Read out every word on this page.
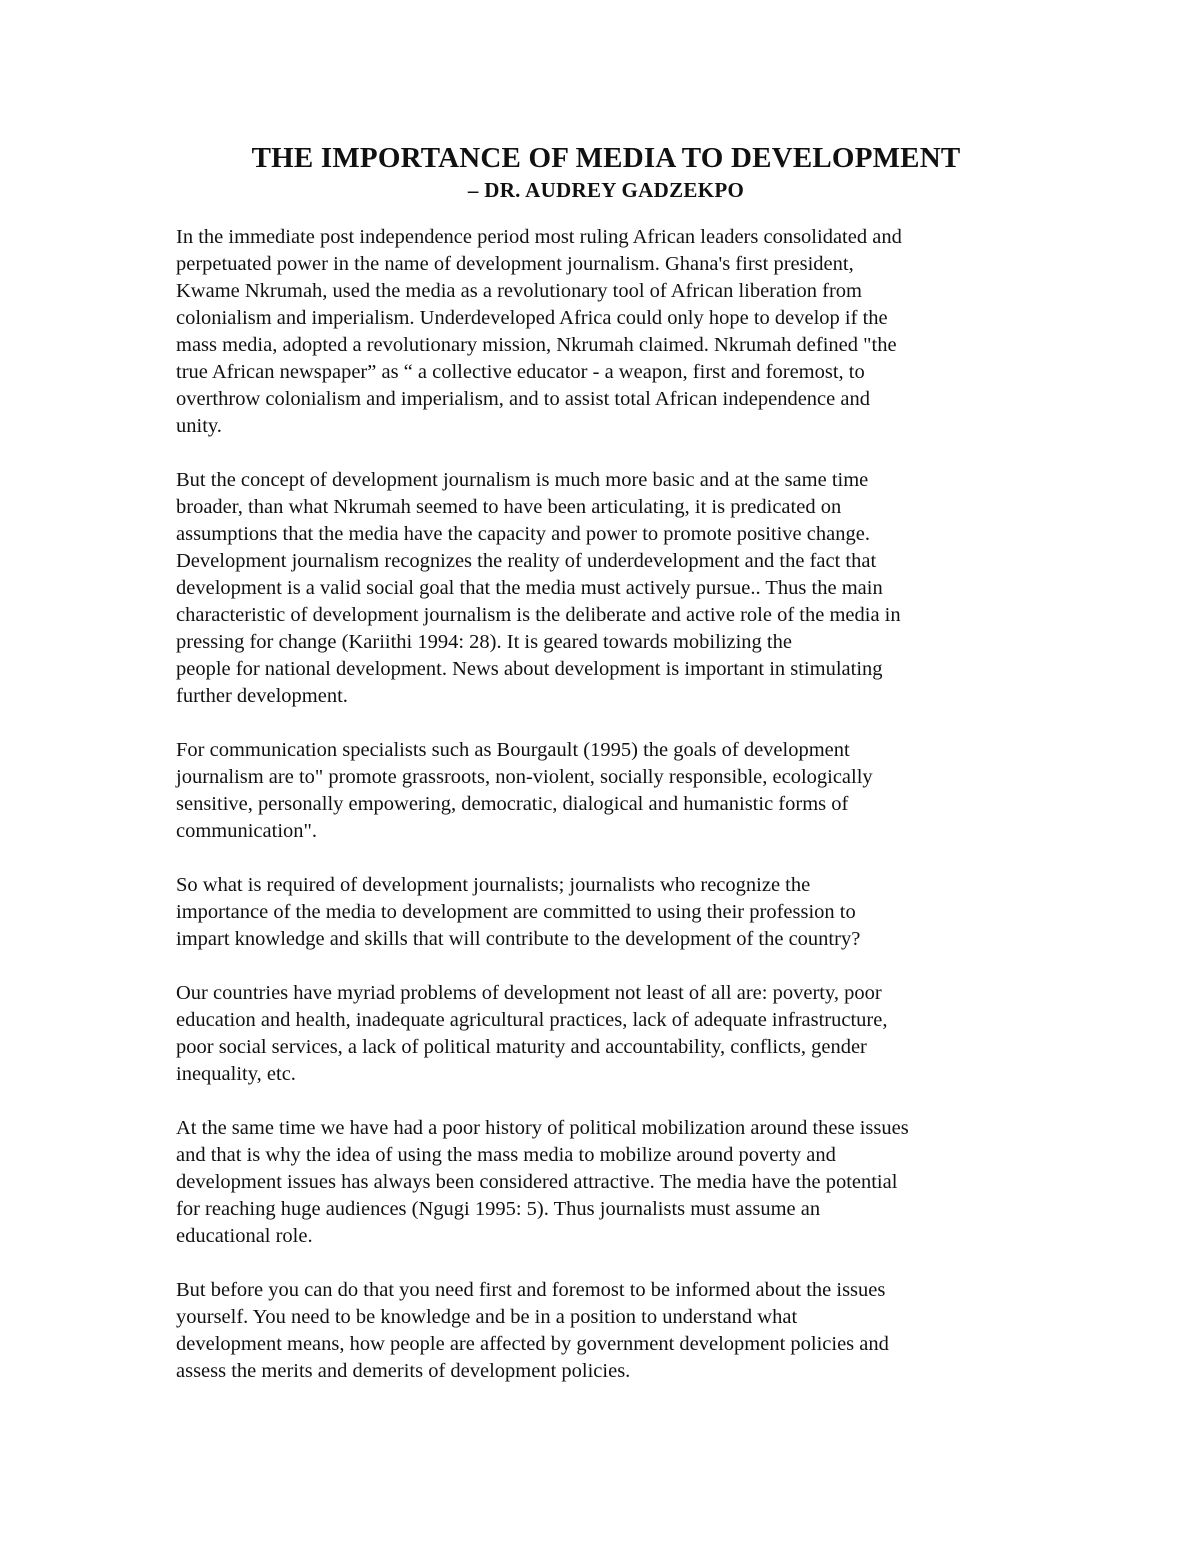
THE IMPORTANCE OF MEDIA TO DEVELOPMENT
– DR. AUDREY GADZEKPO

In the immediate post independence period most ruling African leaders consolidated and
perpetuated power in the name of development journalism. Ghana's first president,
Kwame Nkrumah, used the media as a revolutionary tool of African liberation from
colonialism and imperialism. Underdeveloped Africa could only hope to develop if the
mass media, adopted a revolutionary mission, Nkrumah claimed. Nkrumah defined "the
true African newspaper” as “ a collective educator - a weapon, first and foremost, to
overthrow colonialism and imperialism, and to assist total African independence and
unity.

But the concept of development journalism is much more basic and at the same time
broader, than what Nkrumah seemed to have been articulating, it is predicated on
assumptions that the media have the capacity and power to promote positive change.
Development journalism recognizes the reality of underdevelopment and the fact that
development is a valid social goal that the media must actively pursue.. Thus the main
characteristic of development journalism is the deliberate and active role of the media in
pressing for change (Kariithi 1994: 28). It is geared towards mobilizing the
people for national development. News about development is important in stimulating
further development.

For communication specialists such as Bourgault (1995) the goals of development
journalism are to" promote grassroots, non-violent, socially responsible, ecologically
sensitive, personally empowering, democratic, dialogical and humanistic forms of
communication".

So what is required of development journalists; journalists who recognize the
importance of the media to development are committed to using their profession to
impart knowledge and skills that will contribute to the development of the country?

Our countries have myriad problems of development not least of all are: poverty, poor
education and health, inadequate agricultural practices, lack of adequate infrastructure,
poor social services, a lack of political maturity and accountability, conflicts, gender
inequality, etc.

At the same time we have had a poor history of political mobilization around these issues
and that is why the idea of using the mass media to mobilize around poverty and
development issues has always been considered attractive. The media have the potential
for reaching huge audiences (Ngugi 1995: 5). Thus journalists must assume an
educational role.

But before you can do that you need first and foremost to be informed about the issues
yourself. You need to be knowledge and be in a position to understand what
development means, how people are affected by government development policies and
assess the merits and demerits of development policies.
